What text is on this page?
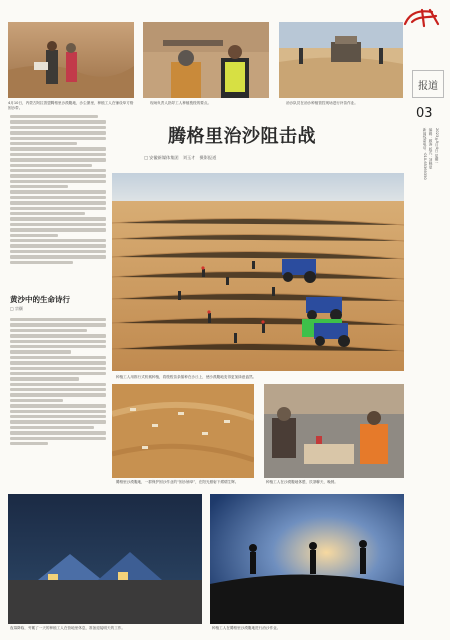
报道
03
2023年9月4日 星期一
编辑：顾涛 版式：刘晓蒙
新闻线索电话：010-65369350
4月10日，内蒙古阿拉善盟腾格里沙漠腹地，沙尘暴里，种植工人在铺设草方格固沙带。
现场负责人指导工人种植梭梭的要点。	治沙队员在治沙种植管控现场进行补苗作业。
腾格里治沙阻击战
□ 安徽新媒体集团　刘玉才　摄影报道
黄沙中的生命诗行
□ 宗颐
种植工人用推行式机械种植，将梭梭苗条插种在沙丘上，使沙漠腹地变得更加绿意盎然。
腾格里沙漠腹地，一群保护固沙作业的“固沙铺草”，在阳光照射下熠熠生辉。	种植工人在沙漠腹地休憩，饮茶聊天，晚餐。
夜幕降临，劳累了一天的种植工人在营地里休息，准备迎接明天的工作。	种植工人在腾格里沙漠腹地进行治沙作业。
